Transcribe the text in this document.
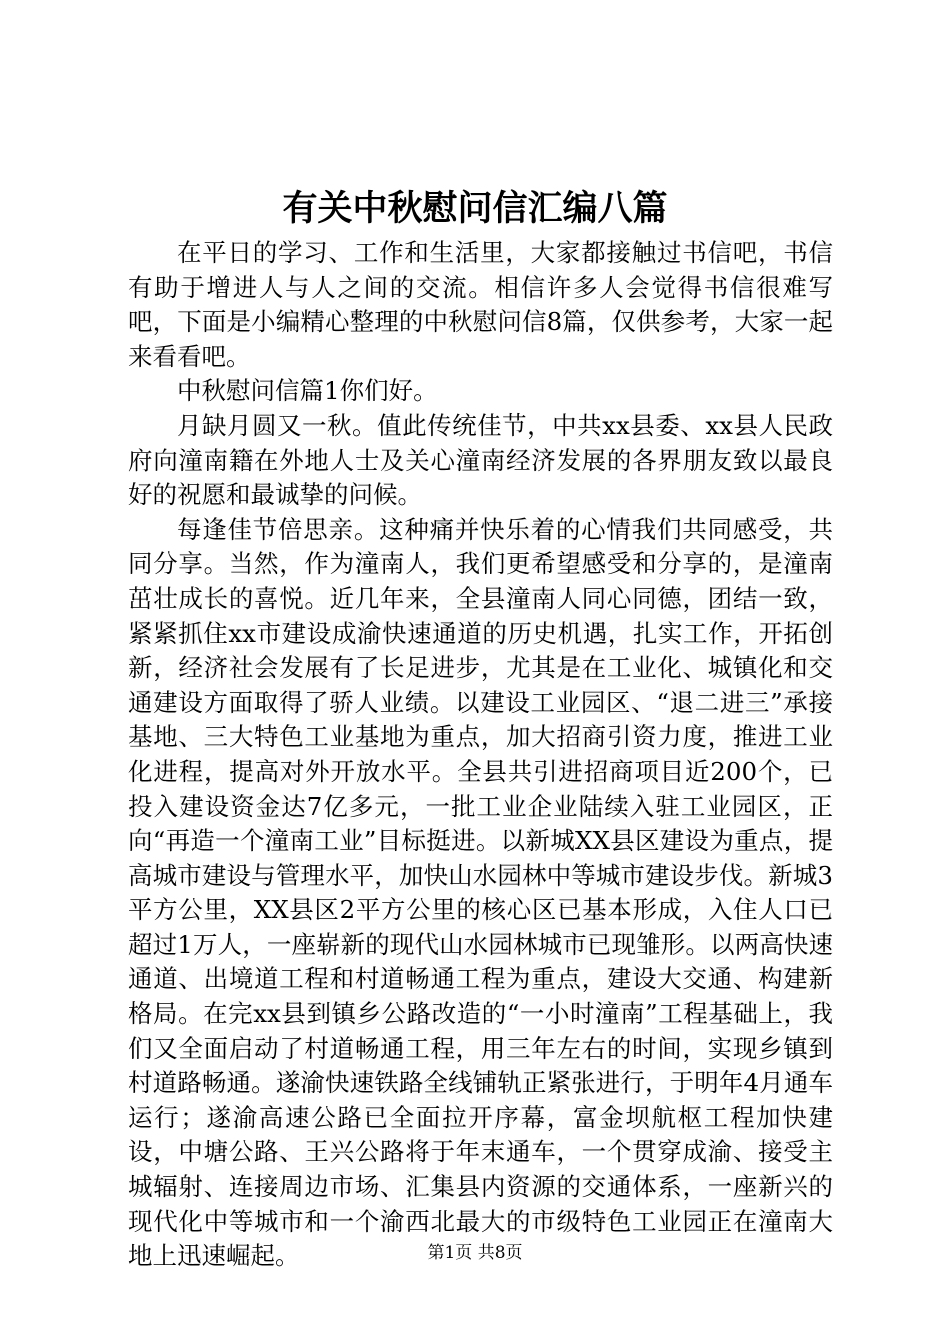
有关中秋慰问信汇编八篇

在平日的学习、工作和生活里，大家都接触过书信吧，书信有助于增进人与人之间的交流。相信许多人会觉得书信很难写吧，下面是小编精心整理的中秋慰问信8篇，仅供参考，大家一起来看看吧。

中秋慰问信篇1你们好。

月缺月圆又一秋。值此传统佳节，中共xx县委、xx县人民政府向潼南籍在外地人士及关心潼南经济发展的各界朋友致以最良好的祝愿和最诚挚的问候。

每逢佳节倍思亲。这种痛并快乐着的心情我们共同感受，共同分享。当然，作为潼南人，我们更希望感受和分享的，是潼南茁壮成长的喜悦。近几年来，全县潼南人同心同德，团结一致，紧紧抓住xx市建设成渝快速通道的历史机遇，扎实工作，开拓创新，经济社会发展有了长足进步，尤其是在工业化、城镇化和交通建设方面取得了骄人业绩。以建设工业园区、“退二进三”承接基地、三大特色工业基地为重点，加大招商引资力度，推进工业化进程，提高对外开放水平。全县共引进招商项目近200个，已投入建设资金达7亿多元，一批工业企业陆续入驻工业园区，正向“再造一个潼南工业”目标挺进。以新城XX县区建设为重点，提高城市建设与管理水平，加快山水园林中等城市建设步伐。新城3平方公里，XX县区2平方公里的核心区已基本形成，入住人口已超过1万人，一座崭新的现代山水园林城市已现雏形。以两高快速通道、出境道工程和村道畅通工程为重点，建设大交通、构建新格局。在完xx县到镇乡公路改造的“一小时潼南”工程基础上，我们又全面启动了村道畅通工程，用三年左右的时间，实现乡镇到村道路畅通。遂渝快速铁路全线铺轨正紧张进行，于明年4月通车运行；遂渝高速公路已全面拉开序幕，富金坝航枢工程加快建设，中塘公路、王兴公路将于年末通车，一个贯穿成渝、接受主城辐射、连接周边市场、汇集县内资源的交通体系，一座新兴的现代化中等城市和一个渝西北最大的市级特色工业园正在潼南大地上迅速崛起。	第1页 共8页
